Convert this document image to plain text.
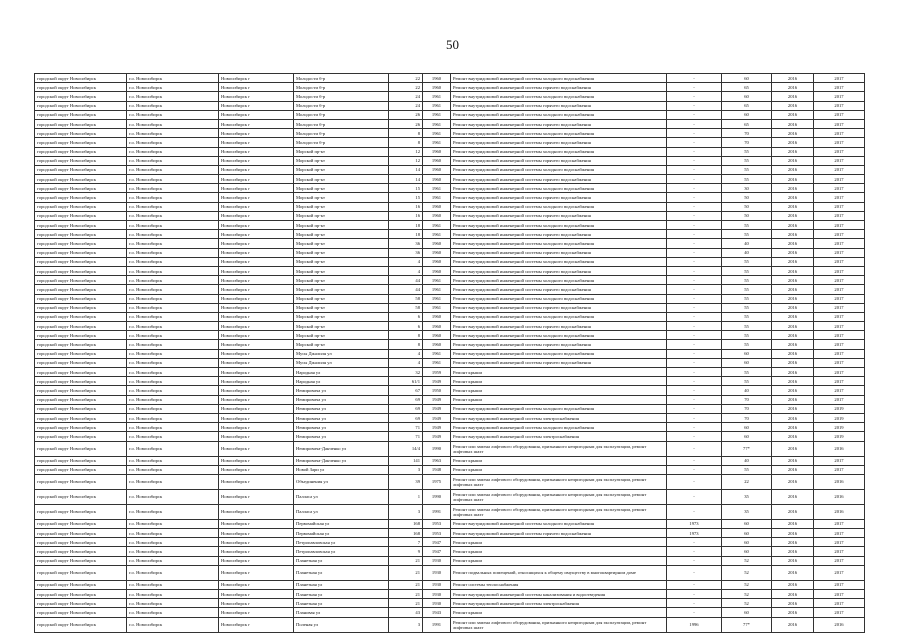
50
городской округ Новосибирск	г.о. Новосибирск	Новосибирск г	Молодости б-р	22	1960	Ремонт внутридомовой инженерной системы холодного водоснабжения	-	60	2016	2017
городской округ Новосибирск	г.о. Новосибирск	Новосибирск г	Молодости б-р	22	1960	Ремонт внутридомовой инженерной системы горячего водоснабжения	-	65	2016	2017
городской округ Новосибирск	г.о. Новосибирск	Новосибирск г	Молодости б-р	24	1961	Ремонт внутридомовой инженерной системы холодного водоснабжения	-	60	2016	2017
городской округ Новосибирск	г.о. Новосибирск	Новосибирск г	Молодости б-р	24	1961	Ремонт внутридомовой инженерной системы горячего водоснабжения	-	65	2016	2017
городской округ Новосибирск	г.о. Новосибирск	Новосибирск г	Молодости б-р	26	1961	Ремонт внутридомовой инженерной системы холодного водоснабжения	-	60	2016	2017
городской округ Новосибирск	г.о. Новосибирск	Новосибирск г	Молодости б-р	26	1961	Ремонт внутридомовой инженерной системы горячего водоснабжения	-	65	2016	2017
городской округ Новосибирск	г.о. Новосибирск	Новосибирск г	Молодости б-р	8	1961	Ремонт внутридомовой инженерной системы холодного водоснабжения	-	70	2016	2017
городской округ Новосибирск	г.о. Новосибирск	Новосибирск г	Молодости б-р	8	1961	Ремонт внутридомовой инженерной системы горячего водоснабжения	-	70	2016	2017
городской округ Новосибирск	г.о. Новосибирск	Новосибирск г	Морской пр-кт	12	1960	Ремонт внутридомовой инженерной системы холодного водоснабжения	-	55	2016	2017
городской округ Новосибирск	г.о. Новосибирск	Новосибирск г	Морской пр-кт	12	1960	Ремонт внутридомовой инженерной системы горячего водоснабжения	-	55	2016	2017
городской округ Новосибирск	г.о. Новосибирск	Новосибирск г	Морской пр-кт	14	1960	Ремонт внутридомовой инженерной системы холодного водоснабжения	-	55	2016	2017
городской округ Новосибирск	г.о. Новосибирск	Новосибирск г	Морской пр-кт	14	1960	Ремонт внутридомовой инженерной системы горячего водоснабжения	-	55	2016	2017
городской округ Новосибирск	г.о. Новосибирск	Новосибирск г	Морской пр-кт	15	1961	Ремонт внутридомовой инженерной системы холодного водоснабжения	-	30	2016	2017
городской округ Новосибирск	г.о. Новосибирск	Новосибирск г	Морской пр-кт	15	1961	Ремонт внутридомовой инженерной системы горячего водоснабжения	-	50	2016	2017
городской округ Новосибирск	г.о. Новосибирск	Новосибирск г	Морской пр-кт	16	1960	Ремонт внутридомовой инженерной системы холодного водоснабжения	-	50	2016	2017
городской округ Новосибирск	г.о. Новосибирск	Новосибирск г	Морской пр-кт	16	1960	Ремонт внутридомовой инженерной системы горячего водоснабжения	-	50	2016	2017
городской округ Новосибирск	г.о. Новосибирск	Новосибирск г	Морской пр-кт	18	1961	Ремонт внутридомовой инженерной системы холодного водоснабжения	-	55	2016	2017
городской округ Новосибирск	г.о. Новосибирск	Новосибирск г	Морской пр-кт	18	1961	Ремонт внутридомовой инженерной системы горячего водоснабжения	-	55	2016	2017
городской округ Новосибирск	г.о. Новосибирск	Новосибирск г	Морской пр-кт	36	1960	Ремонт внутридомовой инженерной системы холодного водоснабжения	-	40	2016	2017
городской округ Новосибирск	г.о. Новосибирск	Новосибирск г	Морской пр-кт	36	1960	Ремонт внутридомовой инженерной системы горячего водоснабжения	-	40	2016	2017
городской округ Новосибирск	г.о. Новосибирск	Новосибирск г	Морской пр-кт	4	1960	Ремонт внутридомовой инженерной системы холодного водоснабжения	-	55	2016	2017
городской округ Новосибирск	г.о. Новосибирск	Новосибирск г	Морской пр-кт	4	1960	Ремонт внутридомовой инженерной системы горячего водоснабжения	-	55	2016	2017
городской округ Новосибирск	г.о. Новосибирск	Новосибирск г	Морской пр-кт	44	1961	Ремонт внутридомовой инженерной системы холодного водоснабжения	-	55	2016	2017
городской округ Новосибирск	г.о. Новосибирск	Новосибирск г	Морской пр-кт	44	1961	Ремонт внутридомовой инженерной системы горячего водоснабжения	-	55	2016	2017
городской округ Новосибирск	г.о. Новосибирск	Новосибирск г	Морской пр-кт	58	1961	Ремонт внутридомовой инженерной системы холодного водоснабжения	-	55	2016	2017
городской округ Новосибирск	г.о. Новосибирск	Новосибирск г	Морской пр-кт	58	1961	Ремонт внутридомовой инженерной системы горячего водоснабжения	-	55	2016	2017
городской округ Новосибирск	г.о. Новосибирск	Новосибирск г	Морской пр-кт	6	1960	Ремонт внутридомовой инженерной системы холодного водоснабжения	-	55	2016	2017
городской округ Новосибирск	г.о. Новосибирск	Новосибирск г	Морской пр-кт	6	1960	Ремонт внутридомовой инженерной системы горячего водоснабжения	-	55	2016	2017
городской округ Новосибирск	г.о. Новосибирск	Новосибирск г	Морской пр-кт	8	1960	Ремонт внутридомовой инженерной системы холодного водоснабжения	-	55	2016	2017
городской округ Новосибирск	г.о. Новосибирск	Новосибирск г	Морской пр-кт	8	1960	Ремонт внутридомовой инженерной системы горячего водоснабжения	-	55	2016	2017
городской округ Новосибирск	г.о. Новосибирск	Новосибирск г	Мусы Джалиля ул	4	1961	Ремонт внутридомовой инженерной системы холодного водоснабжения	-	60	2016	2017
городской округ Новосибирск	г.о. Новосибирск	Новосибирск г	Мусы Джалиля ул	4	1961	Ремонт внутридомовой инженерной системы горячего водоснабжения	-	60	2016	2017
городской округ Новосибирск	г.о. Новосибирск	Новосибирск г	Народная ул	32	1959	Ремонт крыши	-	55	2016	2017
городской округ Новосибирск	г.о. Новосибирск	Новосибирск г	Народная ул	61/1	1949	Ремонт крыши	-	55	2016	2017
городской округ Новосибирск	г.о. Новосибирск	Новосибирск г	Немировича ул	67	1950	Ремонт крыши	-	40	2016	2017
городской округ Новосибирск	г.о. Новосибирск	Новосибирск г	Немировича ул	69	1949	Ремонт крыши	-	70	2016	2017
городской округ Новосибирск	г.о. Новосибирск	Новосибирск г	Немировича ул	69	1949	Ремонт внутридомовой инженерной системы холодного водоснабжения	-	70	2016	2019
городской округ Новосибирск	г.о. Новосибирск	Новосибирск г	Немировича ул	69	1949	Ремонт внутридомовой инженерной системы электроснабжения	-	70	2016	2019
городской округ Новосибирск	г.о. Новосибирск	Новосибирск г	Немировича ул	71	1949	Ремонт внутридомовой инженерной системы холодного водоснабжения	-	60	2016	2019
городской округ Новосибирск	г.о. Новосибирск	Новосибирск г	Немировича ул	71	1949	Ремонт внутридомовой инженерной системы электроснабжения	-	60	2016	2019
городской округ Новосибирск	г.о. Новосибирск	Новосибирск г	Немировича-Данченко ул	14/4	1990	Ремонт или замена лифтового оборудования, признанного непригодным для эксплуатации, ремонт лифтовых шахт	-	77*	2016	2016
городской округ Новосибирск	г.о. Новосибирск	Новосибирск г	Немировича-Данченко ул	141	1963	Ремонт крыши	-	40	2016	2017
городской округ Новосибирск	г.о. Новосибирск	Новосибирск г	Новой Зари ул	3	1948	Ремонт крыши	-	55	2016	2017
городской округ Новосибирск	г.о. Новосибирск	Новосибирск г	Объединения ул	39	1975	Ремонт или замена лифтового оборудования, признанного непригодным для эксплуатации, ремонт лифтовых шахт	-	22	2016	2016
городской округ Новосибирск	г.о. Новосибирск	Новосибирск г	Палласа ул	1	1990	Ремонт или замена лифтового оборудования, признанного непригодным для эксплуатации, ремонт лифтовых шахт	-	35	2016	2016
городской округ Новосибирск	г.о. Новосибирск	Новосибирск г	Палласа ул	3	1991	Ремонт или замена лифтового оборудования, признанного непригодным для эксплуатации, ремонт лифтовых шахт	-	35	2016	2016
городской округ Новосибирск	г.о. Новосибирск	Новосибирск г	Первомайская ул	168	1953	Ремонт внутридомовой инженерной системы холодного водоснабжения	1973	60	2016	2017
городской округ Новосибирск	г.о. Новосибирск	Новосибирск г	Первомайская ул	168	1953	Ремонт внутридомовой инженерной системы горячего водоснабжения	1973	60	2016	2017
городской округ Новосибирск	г.о. Новосибирск	Новосибирск г	Петропавловская ул	7	1947	Ремонт крыши	-	60	2016	2017
городской округ Новосибирск	г.о. Новосибирск	Новосибирск г	Петропавловская ул	9	1947	Ремонт крыши	-	60	2016	2017
городской округ Новосибирск	г.о. Новосибирск	Новосибирск г	Планетная ул	21	1930	Ремонт крыши	-	52	2016	2017
городской округ Новосибирск	г.о. Новосибирск	Новосибирск г	Планетная ул	21	1930	Ремонт подвальных помещений, относящихся к общему имуществу в многоквартирном доме	-	52	2016	2017
городской округ Новосибирск	г.о. Новосибирск	Новосибирск г	Планетная ул	21	1930	Ремонт системы теплоснабжения	-	52	2016	2017
городской округ Новосибирск	г.о. Новосибирск	Новосибирск г	Планетная ул	21	1930	Ремонт внутридомовой инженерной системы канализования и водоотведения	-	52	2016	2017
городской округ Новосибирск	г.о. Новосибирск	Новосибирск г	Планетная ул	21	1930	Ремонт внутридомовой инженерной системы электроснабжения	-	52	2016	2017
городской округ Новосибирск	г.о. Новосибирск	Новосибирск г	Плановая ул	43	1943	Ремонт крыши	-	60	2016	2017
городской округ Новосибирск	г.о. Новосибирск	Новосибирск г	Поленая ул	3	1991	Ремонт или замена лифтового оборудования, признанного непригодным для эксплуатации, ремонт лифтовых шахт	1996	77*	2016	2016
